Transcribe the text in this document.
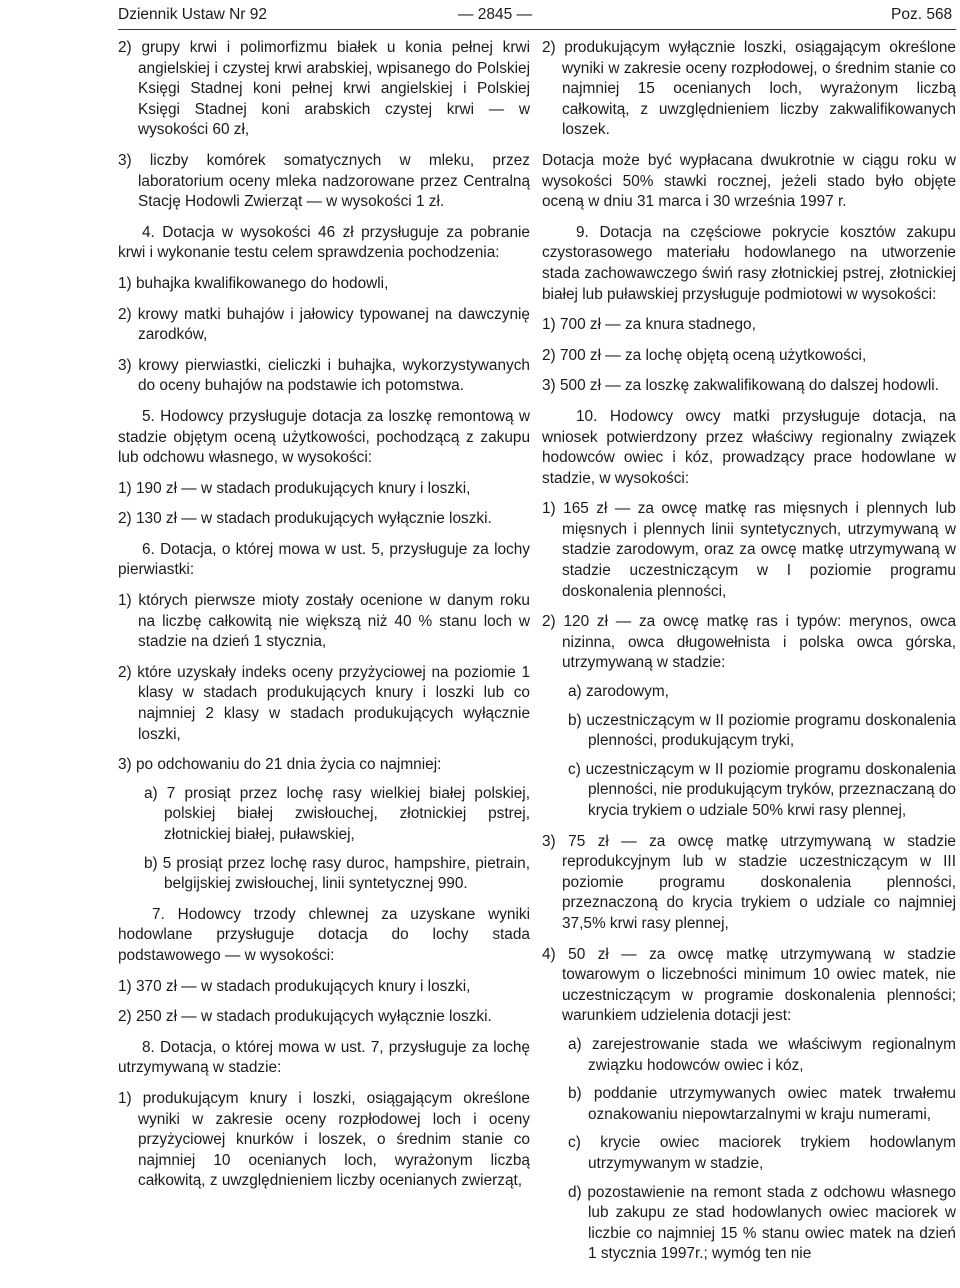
Dziennik Ustaw Nr 92	— 2845 —	Poz. 568

2) grupy krwi i polimorfizmu białek u konia pełnej krwi angielskiej i czystej krwi arabskiej, wpisanego do Polskiej Księgi Stadnej koni pełnej krwi angielskiej i Polskiej Księgi Stadnej koni arabskich czystej krwi — w wysokości 60 zł,

3) liczby komórek somatycznych w mleku, przez laboratorium oceny mleka nadzorowane przez Centralną Stację Hodowli Zwierząt — w wysokości 1 zł.

4. Dotacja w wysokości 46 zł przysługuje za pobranie krwi i wykonanie testu celem sprawdzenia pochodzenia:

1) buhajka kwalifikowanego do hodowli,

2) krowy matki buhajów i jałowicy typowanej na dawczynię zarodków,

3) krowy pierwiastki, cieliczki i buhajka, wykorzystywanych do oceny buhajów na podstawie ich potomstwa.

5. Hodowcy przysługuje dotacja za loszkę remontową w stadzie objętym oceną użytkowości, pochodzącą z zakupu lub odchowu własnego, w wysokości:

1) 190 zł — w stadach produkujących knury i loszki,

2) 130 zł — w stadach produkujących wyłącznie loszki.

6. Dotacja, o której mowa w ust. 5, przysługuje za lochy pierwiastki:

1) których pierwsze mioty zostały ocenione w danym roku na liczbę całkowitą nie większą niż 40 % stanu loch w stadzie na dzień 1 stycznia,

2) które uzyskały indeks oceny przyżyciowej na poziomie 1 klasy w stadach produkujących knury i loszki lub co najmniej 2 klasy w stadach produkujących wyłącznie loszki,

3) po odchowaniu do 21 dnia życia co najmniej:

a) 7 prosiąt przez lochę rasy wielkiej białej polskiej, polskiej białej zwisłouchej, złotnickiej pstrej, złotnickiej białej, puławskiej,

b) 5 prosiąt przez lochę rasy duroc, hampshire, pietrain, belgijskiej zwisłouchej, linii syntetycznej 990.

7. Hodowcy trzody chlewnej za uzyskane wyniki hodowlane przysługuje dotacja do lochy stada podstawowego — w wysokości:

1) 370 zł — w stadach produkujących knury i loszki,

2) 250 zł — w stadach produkujących wyłącznie loszki.

8. Dotacja, o której mowa w ust. 7, przysługuje za lochę utrzymywaną w stadzie:

1) produkującym knury i loszki, osiągającym określone wyniki w zakresie oceny rozpłodowej loch i oceny przyżyciowej knurków i loszek, o średnim stanie co najmniej 10 ocenianych loch, wyrażonym liczbą całkowitą, z uwzględnieniem liczby ocenianych zwierząt,

2) produkującym wyłącznie loszki, osiągającym określone wyniki w zakresie oceny rozpłodowej, o średnim stanie co najmniej 15 ocenianych loch, wyrażonym liczbą całkowitą, z uwzględnieniem liczby zakwalifikowanych loszek.

Dotacja może być wypłacana dwukrotnie w ciągu roku w wysokości 50% stawki rocznej, jeżeli stado było objęte oceną w dniu 31 marca i 30 września 1997 r.

9. Dotacja na częściowe pokrycie kosztów zakupu czystorasowego materiału hodowlanego na utworzenie stada zachowawczego świń rasy złotnickiej pstrej, złotnickiej białej lub puławskiej przysługuje podmiotowi w wysokości:

1) 700 zł — za knura stadnego,

2) 700 zł — za lochę objętą oceną użytkowości,

3) 500 zł — za loszkę zakwalifikowaną do dalszej hodowli.

10. Hodowcy owcy matki przysługuje dotacja, na wniosek potwierdzony przez właściwy regionalny związek hodowców owiec i kóz, prowadzący prace hodowlane w stadzie, w wysokości:

1) 165 zł — za owcę matkę ras mięsnych i plennych lub mięsnych i plennych linii syntetycznych, utrzymywaną w stadzie zarodowym, oraz za owcę matkę utrzymywaną w stadzie uczestniczącym w I poziomie programu doskonalenia plenności,

2) 120 zł — za owcę matkę ras i typów: merynos, owca nizinna, owca długowełnista i polska owca górska, utrzymywaną w stadzie:

a) zarodowym,

b) uczestniczącym w II poziomie programu doskonalenia plenności, produkującym tryki,

c) uczestniczącym w II poziomie programu doskonalenia plenności, nie produkującym tryków, przeznaczaną do krycia trykiem o udziale 50% krwi rasy plennej,

3) 75 zł — za owcę matkę utrzymywaną w stadzie reprodukcyjnym lub w stadzie uczestniczącym w III poziomie programu doskonalenia plenności, przeznaczoną do krycia trykiem o udziale co najmniej 37,5% krwi rasy plennej,

4) 50 zł — za owcę matkę utrzymywaną w stadzie towarowym o liczebności minimum 10 owiec matek, nie uczestniczącym w programie doskonalenia plenności; warunkiem udzielenia dotacji jest:

a) zarejestrowanie stada we właściwym regionalnym związku hodowców owiec i kóz,

b) poddanie utrzymywanych owiec matek trwałemu oznakowaniu niepowtarzalnymi w kraju numerami,

c) krycie owiec maciorek trykiem hodowlanym utrzymywanym w stadzie,

d) pozostawienie na remont stada z odchowu własnego lub zakupu ze stad hodowlanych owiec maciorek w liczbie co najmniej 15 % stanu owiec matek na dzień 1 stycznia 1997r.; wymóg ten nie
